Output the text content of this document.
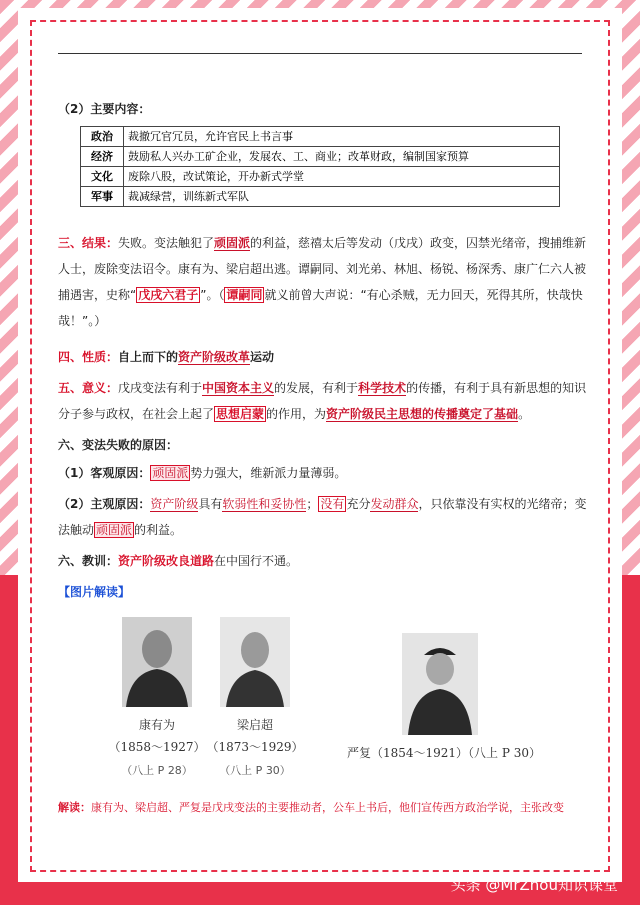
（2）主要内容：
政治	裁撤冗官冗员，允许官民上书言事
经济	鼓励私人兴办工矿企业，发展农、工、商业；改革财政，编制国家预算
文化	废除八股，改试策论，开办新式学堂
军事	裁减绿营，训练新式军队
三、结果：失败。变法触犯了顽固派的利益，慈禧太后等发动（戊戌）政变，囚禁光绪帝，搜捕维新人士，废除变法诏令。康有为、梁启超出逃。谭嗣同、刘光弟、林旭、杨锐、杨深秀、康广仁六人被捕遇害，史称“ 戊戌六君子 ”。（ 谭嗣同 就义前曾大声说：“有心杀贼，无力回天，死得其所，快哉快哉！”。）
四、性质：自上而下的资产阶级改革运动
五、意义：戊戌变法有利于中国资本主义的发展，有利于科学技术的传播，有利于具有新思想的知识分子参与政权，在社会上起了 思想启蒙 的作用，为资产阶级民主思想的传播奠定了基础。
六、变法失败的原因：
（1）客观原因： 顽固派 势力强大，维新派力量薄弱。
（2）主观原因：资产阶级具有软弱性和妥协性； 没有 充分发动群众，只依靠没有实权的光绪帝；变法触动 顽固派 的利益。
六、教训：资产阶级改良道路在中国行不通。
【图片解读】
康有为
（1858～1927）
（八上 P 28）
梁启超
（1873～1929）
（八上 P 30）
严复（1854～1921）（八上 P 30）
解读：康有为、梁启超、严复是戊戌变法的主要推动者，公车上书后，他们宣传西方政治学说，主张改变
头条 @MrZhou知识课堂
